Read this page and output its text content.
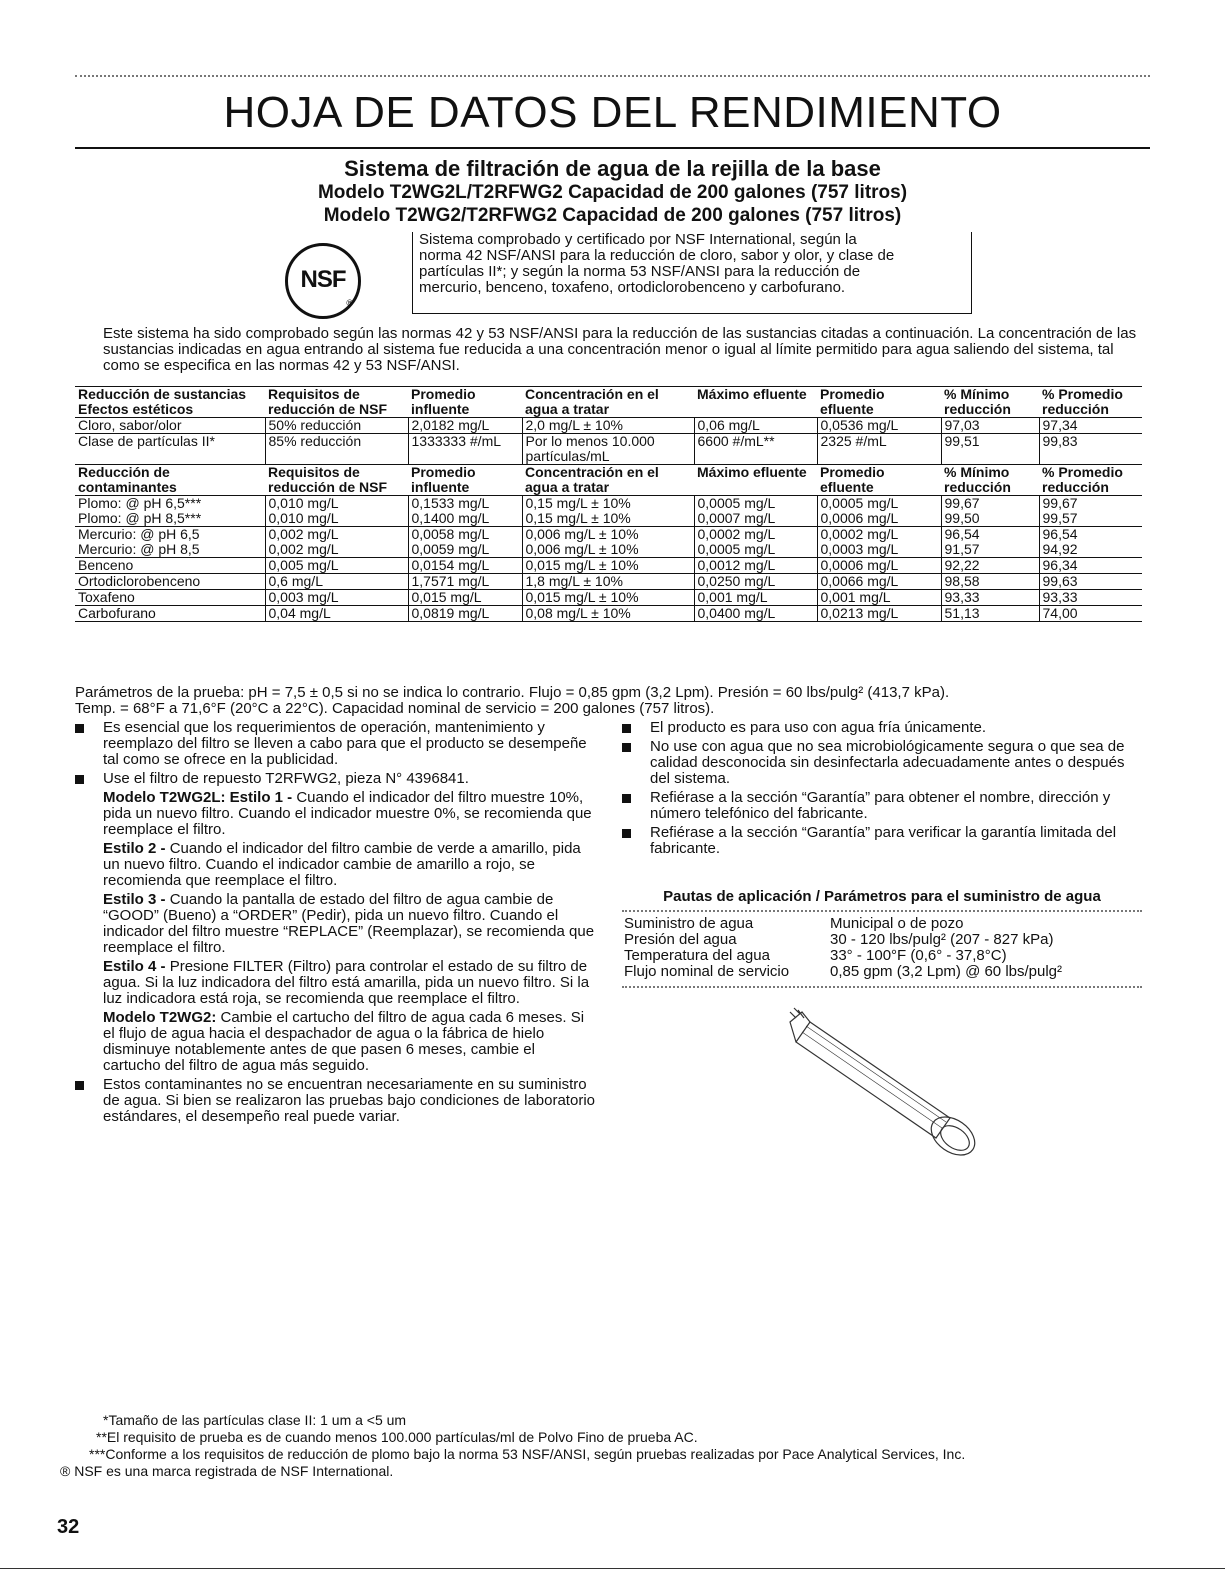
HOJA DE DATOS DEL RENDIMIENTO
Sistema de filtración de agua de la rejilla de la base
Modelo T2WG2L/T2RFWG2 Capacidad de 200 galones (757 litros)
Modelo T2WG2/T2RFWG2 Capacidad de 200 galones (757 litros)
NSF
®

Sistema comprobado y certificado por NSF International, según la

norma 42 NSF/ANSI para la reducción de cloro, sabor y olor, y clase de

partículas II*; y según la norma 53 NSF/ANSI para la reducción de

mercurio, benceno, toxafeno, ortodiclorobenceno y carbofurano.

Este sistema ha sido comprobado según las normas 42 y 53 NSF/ANSI para la reducción de las sustancias citadas a continuación. La concentración de las sustancias indicadas en agua entrando al sistema fue reducida a una concentración menor o igual al límite permitido para agua saliendo del sistema, tal como se especifica en las normas 42 y 53 NSF/ANSI.
Reducción de sustancias Efectos estéticos	Requisitos de reducción de NSF	Promedio influente	Concentración en el agua a tratar	Máximo efluente	Promedio efluente	% Mínimo reducción	% Promedio reducción
Cloro, sabor/olor	50% reducción	2,0182 mg/L	2,0 mg/L ± 10%	0,06 mg/L	0,0536 mg/L	97,03	97,34
Clase de partículas II*	85% reducción	1333333 #/mL	Por lo menos 10.000 partículas/mL	6600 #/mL**	2325 #/mL	99,51	99,83
Reducción de contaminantes	Requisitos de reducción de NSF	Promedio influente	Concentración en el agua a tratar	Máximo efluente	Promedio efluente	% Mínimo reducción	% Promedio reducción
Plomo: @ pH 6,5***	0,010 mg/L	0,1533 mg/L	0,15 mg/L ± 10%	0,0005 mg/L	0,0005 mg/L	99,67	99,67
Plomo: @ pH 8,5***	0,010 mg/L	0,1400 mg/L	0,15 mg/L ± 10%	0,0007 mg/L	0,0006 mg/L	99,50	99,57
Mercurio: @ pH 6,5	0,002 mg/L	0,0058 mg/L	0,006 mg/L ± 10%	0,0002 mg/L	0,0002 mg/L	96,54	96,54
Mercurio: @ pH 8,5	0,002 mg/L	0,0059 mg/L	0,006 mg/L ± 10%	0,0005 mg/L	0,0003 mg/L	91,57	94,92
Benceno	0,005 mg/L	0,0154 mg/L	0,015 mg/L ± 10%	0,0012 mg/L	0,0006 mg/L	92,22	96,34
Ortodiclorobenceno	0,6 mg/L	1,7571 mg/L	1,8 mg/L ± 10%	0,0250 mg/L	0,0066 mg/L	98,58	99,63
Toxafeno	0,003 mg/L	0,015 mg/L	0,015 mg/L ± 10%	0,001 mg/L	0,001 mg/L	93,33	93,33
Carbofurano	0,04 mg/L	0,0819 mg/L	0,08 mg/L ± 10%	0,0400 mg/L	0,0213 mg/L	51,13	74,00
Parámetros de la prueba: pH = 7,5 ± 0,5 si no se indica lo contrario. Flujo = 0,85 gpm (3,2 Lpm). Presión = 60 lbs/pulg² (413,7 kPa).
Temp. = 68°F a 71,6°F (20°C a 22°C). Capacidad nominal de servicio = 200 galones (757 litros).
Es esencial que los requerimientos de operación, mantenimiento y reemplazo del filtro se lleven a cabo para que el producto se desempeñe tal como se ofrece en la publicidad.
Use el filtro de repuesto T2RFWG2, pieza N° 4396841.
Modelo T2WG2L: Estilo 1 - Cuando el indicador del filtro muestre 10%, pida un nuevo filtro. Cuando el indicador muestre 0%, se recomienda que reemplace el filtro.
Estilo 2 - Cuando el indicador del filtro cambie de verde a amarillo, pida un nuevo filtro. Cuando el indicador cambie de amarillo a rojo, se recomienda que reemplace el filtro.
Estilo 3 - Cuando la pantalla de estado del filtro de agua cambie de “GOOD” (Bueno) a “ORDER” (Pedir), pida un nuevo filtro. Cuando el indicador del filtro muestre “REPLACE” (Reemplazar), se recomienda que reemplace el filtro.
Estilo 4 - Presione FILTER (Filtro) para controlar el estado de su filtro de agua. Si la luz indicadora del filtro está amarilla, pida un nuevo filtro. Si la luz indicadora está roja, se recomienda que reemplace el filtro.
Modelo T2WG2: Cambie el cartucho del filtro de agua cada 6 meses. Si el flujo de agua hacia el despachador de agua o la fábrica de hielo disminuye notablemente antes de que pasen 6 meses, cambie el cartucho del filtro de agua más seguido.
Estos contaminantes no se encuentran necesariamente en su suministro de agua. Si bien se realizaron las pruebas bajo condiciones de laboratorio estándares, el desempeño real puede variar.
El producto es para uso con agua fría únicamente.
No use con agua que no sea microbiológicamente segura o que sea de calidad desconocida sin desinfectarla adecuadamente antes o después del sistema.
Refiérase a la sección “Garantía” para obtener el nombre, dirección y número telefónico del fabricante.
Refiérase a la sección “Garantía” para verificar la garantía limitada del fabricante.
Pautas de aplicación / Parámetros para el suministro de agua
Suministro de agua	Municipal o de pozo
Presión del agua	30 - 120 lbs/pulg² (207 - 827 kPa)
Temperatura del agua	33° - 100°F (0,6° - 37,8°C)
Flujo nominal de servicio	0,85 gpm (3,2 Lpm) @ 60 lbs/pulg²

*Tamaño de las partículas clase II: 1 um a <5 um

**El requisito de prueba es de cuando menos 100.000 partículas/ml de Polvo Fino de prueba AC.

***Conforme a los requisitos de reducción de plomo bajo la norma 53 NSF/ANSI, según pruebas realizadas por Pace Analytical Services, Inc.

® NSF es una marca registrada de NSF International.

32
